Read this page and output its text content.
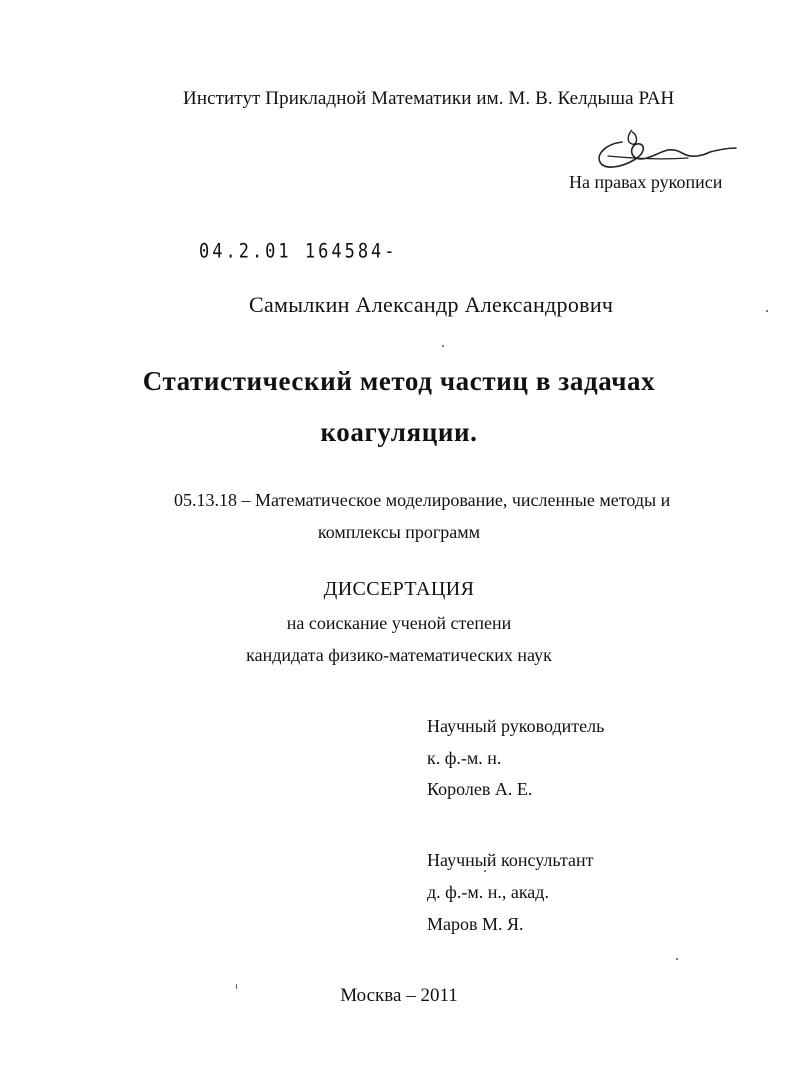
Институт Прикладной Математики им. М. В. Келдыша РАН
На правах рукописи
04.2.01 164584-
Самылкин Александр Александрович
Статистический метод частиц в задачах
коагуляции.
05.13.18 – Математическое моделирование, численные методы и
комплексы программ
ДИССЕРТАЦИЯ
на соискание ученой степени
кандидата физико-математических наук
Научный руководитель
к. ф.-м. н.
Королев А. Е.
Научный консультант
д. ф.-м. н., акад.
Маров М. Я.
Москва – 2011
